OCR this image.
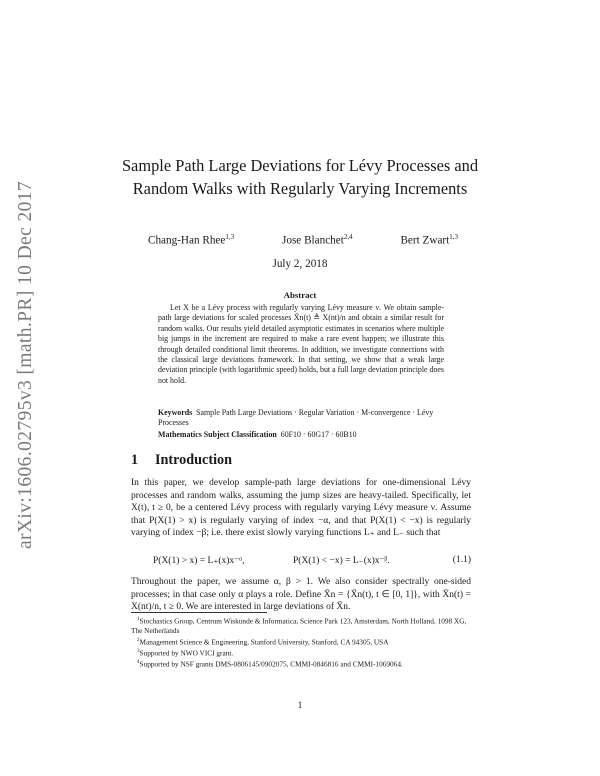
arXiv:1606.02795v3 [math.PR] 10 Dec 2017
Sample Path Large Deviations for Lévy Processes and Random Walks with Regularly Varying Increments
Chang-Han Rhee$^{1,3}$	Jose Blanchet$^{2,4}$	Bert Zwart$^{1,3}$
July 2, 2018
Abstract

Let X be a Lévy process with regularly varying Lévy measure ν. We obtain sample-path large deviations for scaled processes X̄n(t) ≜ X(nt)/n and obtain a similar result for random walks. Our results yield detailed asymptotic estimates in scenarios where multiple big jumps in the increment are required to make a rare event happen; we illustrate this through detailed conditional limit theorems. In addition, we investigate connections with the classical large deviations framework. In that setting, we show that a weak large deviation principle (with logarithmic speed) holds, but a full large deviation principle does not hold.

Keywords Sample Path Large Deviations · Regular Variation · M-convergence · Lévy Processes

Mathematics Subject Classification 60F10 · 60G17 · 60B10

1 Introduction

In this paper, we develop sample-path large deviations for one-dimensional Lévy processes and random walks, assuming the jump sizes are heavy-tailed. Specifically, let X(t), t ≥ 0, be a centered Lévy process with regularly varying Lévy measure ν. Assume that P(X(1) > x) is regularly varying of index −α, and that P(X(1) < −x) is regularly varying of index −β; i.e. there exist slowly varying functions L₊ and L₋ such that

P(X(1) > x) = L₊(x)x⁻ᵅ,	P(X(1) < −x) = L₋(x)x⁻ᵝ.	(1.1)

Throughout the paper, we assume α, β > 1. We also consider spectrally one-sided processes; in that case only α plays a role. Define X̄n = {X̄n(t), t ∈ [0, 1]}, with X̄n(t) = X(nt)/n, t ≥ 0. We are interested in large deviations of X̄n.

$^1$Stochastics Group, Centrum Wiskunde & Informatica, Science Park 123, Amsterdam, North Holland, 1098 XG, The Netherlands
$^2$Management Science & Engineering, Stanford University, Stanford, CA 94305, USA
$^3$Supported by NWO VICI grant.
$^4$Supported by NSF grants DMS-0806145/0902075, CMMI-0846816 and CMMI-1069064.
1
